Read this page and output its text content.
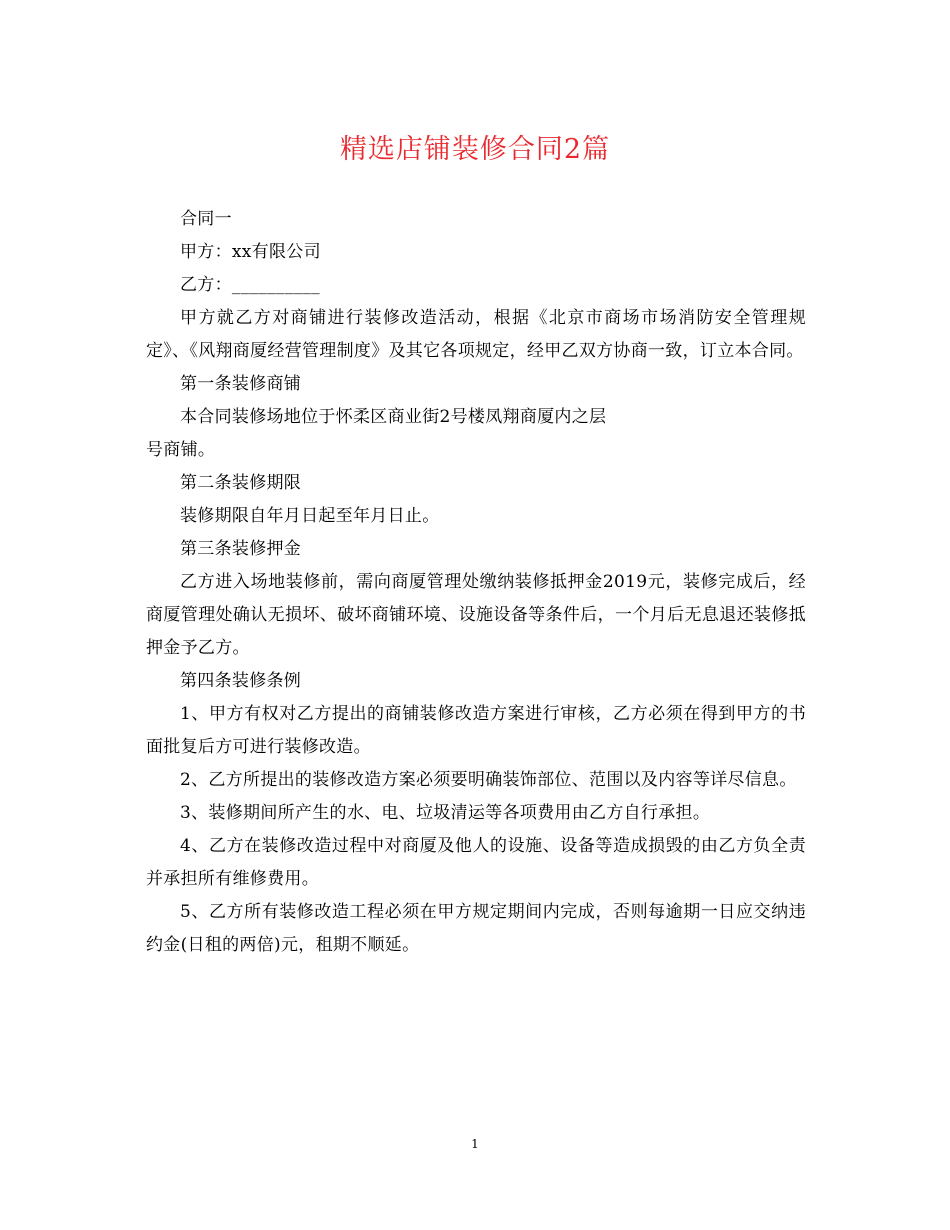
精选店铺装修合同2篇

合同一

甲方：xx有限公司

乙方：__________

甲方就乙方对商铺进行装修改造活动，根据《北京市商场市场消防安全管理规定》、《风翔商厦经营管理制度》及其它各项规定，经甲乙双方协商一致，订立本合同。

第一条装修商铺

本合同装修场地位于怀柔区商业街2号楼凤翔商厦内之层

号商铺。

第二条装修期限

装修期限自年月日起至年月日止。

第三条装修押金

乙方进入场地装修前，需向商厦管理处缴纳装修抵押金2019元，装修完成后，经商厦管理处确认无损坏、破坏商铺环境、设施设备等条件后，一个月后无息退还装修抵押金予乙方。

第四条装修条例

1、甲方有权对乙方提出的商铺装修改造方案进行审核，乙方必须在得到甲方的书面批复后方可进行装修改造。

2、乙方所提出的装修改造方案必须要明确装饰部位、范围以及内容等详尽信息。

3、装修期间所产生的水、电、垃圾清运等各项费用由乙方自行承担。

4、乙方在装修改造过程中对商厦及他人的设施、设备等造成损毁的由乙方负全责并承担所有维修费用。

5、乙方所有装修改造工程必须在甲方规定期间内完成，否则每逾期一日应交纳违约金(日租的两倍)元，租期不顺延。

1
